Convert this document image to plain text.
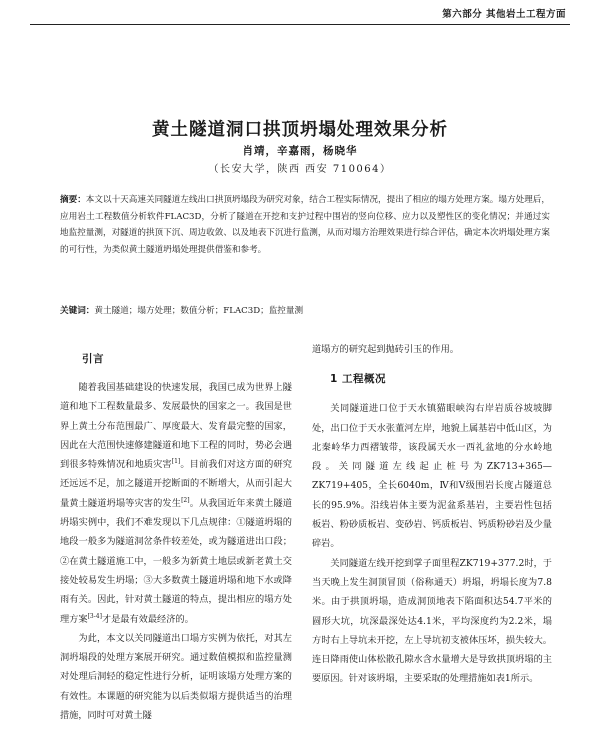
第六部分 其他岩土工程方面
黄土隧道洞口拱顶坍塌处理效果分析
肖靖，辛嘉雨，杨晓华
（长安大学，陕西 西安 710064）
摘要：本文以十天高速关同隧道左线出口拱顶坍塌段为研究对象，结合工程实际情况，提出了相应的塌方处理方案。塌方处理后，应用岩土工程数值分析软件FLAC3D，分析了隧道在开挖和支护过程中围岩的竖向位移、应力以及塑性区的变化情况；并通过实地监控量测，对隧道的拱顶下沉、周边收敛、以及地表下沉进行监测，从而对塌方治理效果进行综合评估，确定本次坍塌处理方案的可行性，为类似黄土隧道坍塌处理提供借鉴和参考。
关键词：黄土隧道；塌方处理；数值分析；FLAC3D；监控量测
引言

随着我国基础建设的快速发展，我国已成为世界上隧道和地下工程数量最多、发展最快的国家之一。我国是世界上黄土分布范围最广、厚度最大、发育最完整的国家，因此在大范围快速修建隧道和地下工程的同时，势必会遇到很多特殊情况和地质灾害[1]。目前我们对这方面的研究还远远不足，加之隧道开挖断面的不断增大，从而引起大量黄土隧道坍塌等灾害的发生[2]。从我国近年来黄土隧道坍塌实例中，我们不难发现以下几点规律：①隧道坍塌的地段一般多为隧道洞岔条件较差处，或为隧道进出口段；②在黄土隧道施工中，一般多为新黄土地层或新老黄土交接处较易发生坍塌；③大多数黄土隧道坍塌和地下水或降雨有关。因此，针对黄土隧道的特点，提出相应的塌方处理方案[3-4]才是最有效最经济的。

为此，本文以关同隧道出口塌方实例为依托，对其左洞坍塌段的处理方案展开研究。通过数值模拟和监控量测对处理后洞轻的稳定性进行分析，证明该塌方处理方案的有效性。本课题的研究能为以后类似塌方提供适当的治理措施，同时可对黄土隧

道塌方的研究起到抛砖引玉的作用。

1 工程概况

关同隧道进口位于天水镇猫眼峡沟右岸岩质谷坡坡脚处，出口位于天水张董河左岸，地貌上属基岩中低山区，为北秦岭华力西褶皱带，该段属天水一西礼盆地的分水岭地段。关同隧道左线起止桩号为ZK713+365—ZK719+405，全长6040m，Ⅳ和Ⅴ级围岩长度占隧道总长的95.9%。沿线岩体主要为泥盆系基岩，主要岩性包括板岩、粉砂质板岩、变砂岩、钙质板岩、钙质粉砂岩及少量碎岩。

关同隧道左线开挖到掌子面里程ZK719+377.2时，于当天晚上发生洞顶冒顶（俗称通天）坍塌，坍塌长度为7.8米。由于拱顶坍塌，造成洞顶地表下陷面积达54.7平米的圆形大坑，坑深最深处达4.1米，平均深度约为2.2米，塌方时右上导坑未开挖，左上导坑初支被体压坏，损失较大。连日降雨使山体松散孔隙水含水量增大是导致拱顶坍塌的主要原因。针对该坍塌，主要采取的处理措施如表1所示。
